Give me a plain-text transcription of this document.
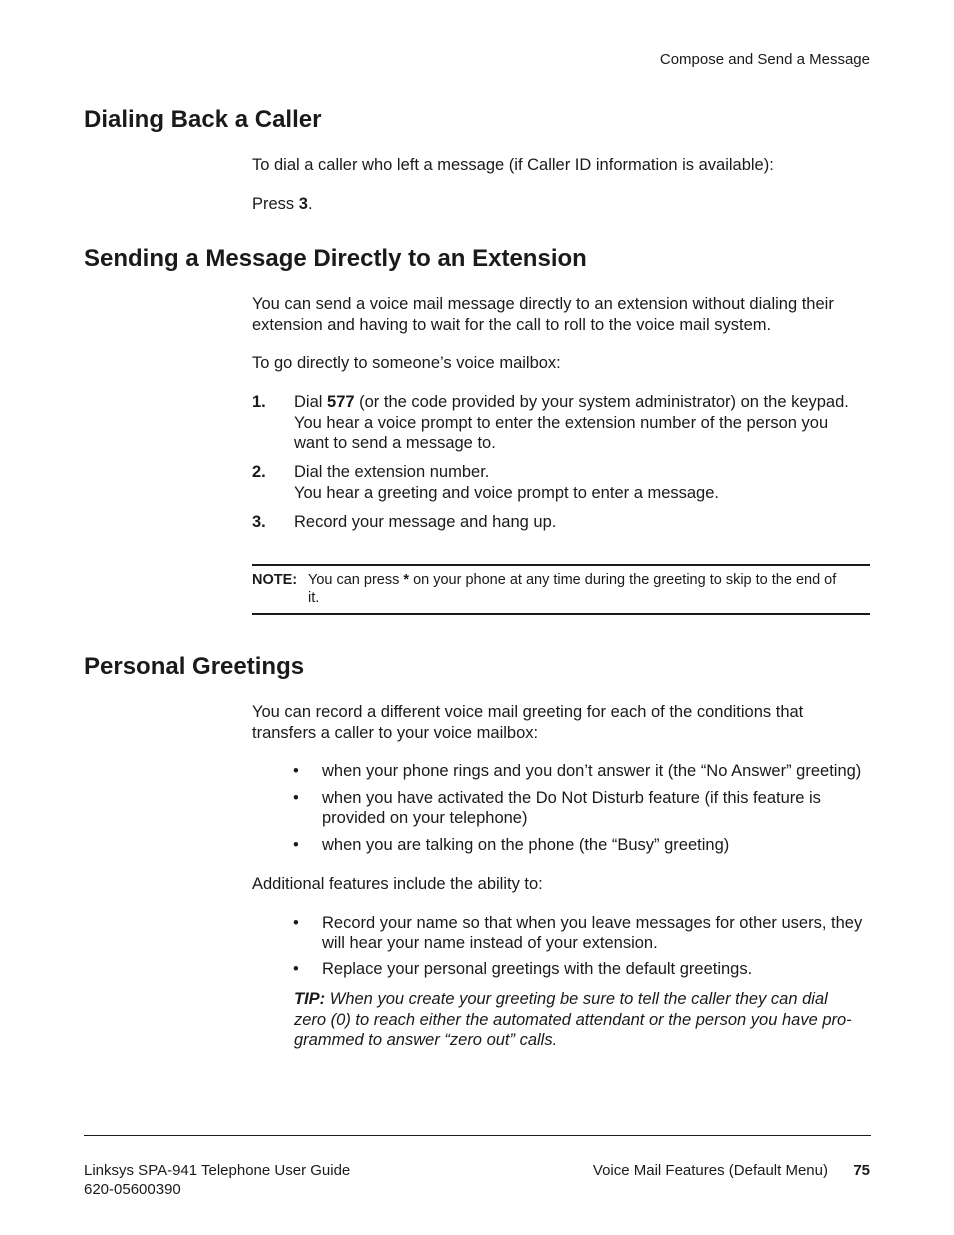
Compose and Send a Message
Dialing Back a Caller

To dial a caller who left a message (if Caller ID information is available):

Press 3.

Sending a Message Directly to an Extension
You can send a voice mail message directly to an extension without dialing their
extension and having to wait for the call to roll to the voice mail system.

To go directly to someone’s voice mailbox:

1. Dial 577 (or the code provided by your system administrator) on the keypad.
You hear a voice prompt to enter the extension number of the person you
want to send a message to.
2. Dial the extension number.
You hear a greeting and voice prompt to enter a message.
3. Record your message and hang up.
NOTE: You can press * on your phone at any time during the greeting to skip to the end of
it.
Personal Greetings
You can record a different voice mail greeting for each of the conditions that
transfers a caller to your voice mailbox:
• when your phone rings and you don’t answer it (the “No Answer” greeting)
• when you have activated the Do Not Disturb feature (if this feature is
provided on your telephone)
• when you are talking on the phone (the “Busy” greeting)

Additional features include the ability to:

• Record your name so that when you leave messages for other users, they
will hear your name instead of your extension.
• Replace your personal greetings with the default greetings.
TIP: When you create your greeting be sure to tell the caller they can dial
zero (0) to reach either the automated attendant or the person you have pro-
grammed to answer “zero out” calls.
Linksys SPA-941 Telephone User Guide
620-05600390
Voice Mail Features (Default Menu) 75
